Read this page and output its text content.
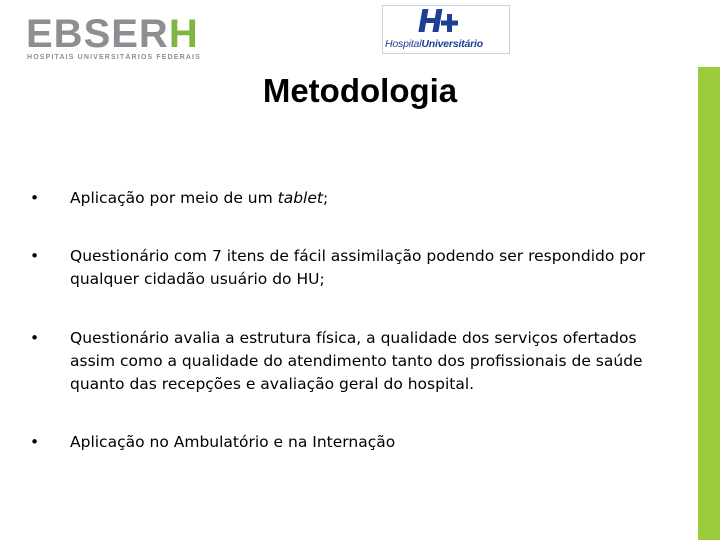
EBSERH
HOSPITAIS UNIVERSITÁRIOS FEDERAIS
HospitalUniversitário
Metodologia
• Aplicação por meio de um tablet;
• Questionário com 7 itens de fácil assimilação podendo ser respondido por qualquer cidadão usuário do HU;
• Questionário avalia a estrutura física, a qualidade dos serviços ofertados assim como a qualidade do atendimento tanto dos profissionais de saúde quanto das recepções e avaliação geral do hospital.
• Aplicação no Ambulatório e na Internação
